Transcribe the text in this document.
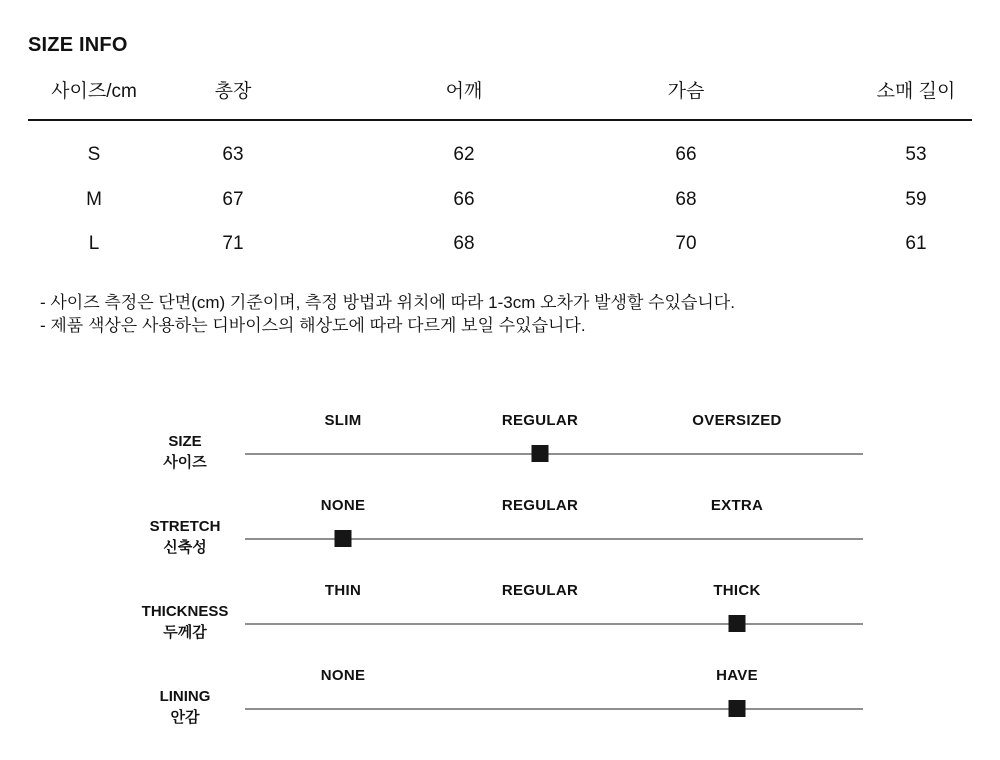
SIZE INFO
사이즈/cm	총장	어깨	가슴	소매 길이
S	63	62	66	53
M	67	66	68	59
L	71	68	70	61

- 사이즈 측정은 단면(cm) 기준이며, 측정 방법과 위치에 따라 1-3cm 오차가 발생할 수있습니다.

- 제품 색상은 사용하는 디바이스의 해상도에 따라 다르게 보일 수있습니다.

SIZE
사이즈
SLIM	REGULAR	OVERSIZED
STRETCH
신축성
NONE	REGULAR	EXTRA
THICKNESS
두께감
THIN	REGULAR	THICK
LINING
안감
NONE	HAVE
